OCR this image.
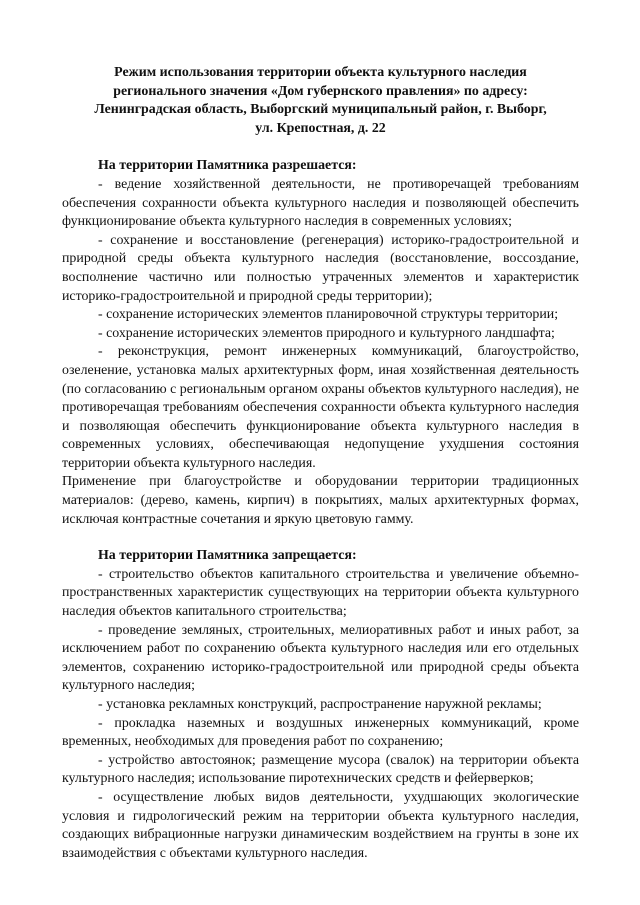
Режим использования территории объекта культурного наследия
регионального значения «Дом губернского правления» по адресу:
Ленинградская область, Выборгский муниципальный район, г. Выборг,
ул. Крепостная, д. 22
На территории Памятника разрешается:
- ведение хозяйственной деятельности, не противоречащей требованиям обеспечения сохранности объекта культурного наследия и позволяющей обеспечить функционирование объекта культурного наследия в современных условиях;
- сохранение и восстановление (регенерация) историко-градостроительной и природной среды объекта культурного наследия (восстановление, воссоздание, восполнение частично или полностью утраченных элементов и характеристик историко-градостроительной и природной среды территории);
- сохранение исторических элементов планировочной структуры территории;
- сохранение исторических элементов природного и культурного ландшафта;
- реконструкция, ремонт инженерных коммуникаций, благоустройство, озеленение, установка малых архитектурных форм, иная хозяйственная деятельность (по согласованию с региональным органом охраны объектов культурного наследия), не противоречащая требованиям обеспечения сохранности объекта культурного наследия и позволяющая обеспечить функционирование объекта культурного наследия в современных условиях, обеспечивающая недопущение ухудшения состояния территории объекта культурного наследия.

Применение при благоустройстве и оборудовании территории традиционных материалов: (дерево, камень, кирпич) в покрытиях, малых архитектурных формах, исключая контрастные сочетания и яркую цветовую гамму.

На территории Памятника запрещается:
- строительство объектов капитального строительства и увеличение объемно-пространственных характеристик существующих на территории объекта культурного наследия объектов капитального строительства;
- проведение земляных, строительных, мелиоративных работ и иных работ, за исключением работ по сохранению объекта культурного наследия или его отдельных элементов, сохранению историко-градостроительной или природной среды объекта культурного наследия;
- установка рекламных конструкций, распространение наружной рекламы;
- прокладка наземных и воздушных инженерных коммуникаций, кроме временных, необходимых для проведения работ по сохранению;
- устройство автостоянок; размещение мусора (свалок) на территории объекта культурного наследия; использование пиротехнических средств и фейерверков;
- осуществление любых видов деятельности, ухудшающих экологические условия и гидрологический режим на территории объекта культурного наследия, создающих вибрационные нагрузки динамическим воздействием на грунты в зоне их взаимодействия с объектами культурного наследия.
